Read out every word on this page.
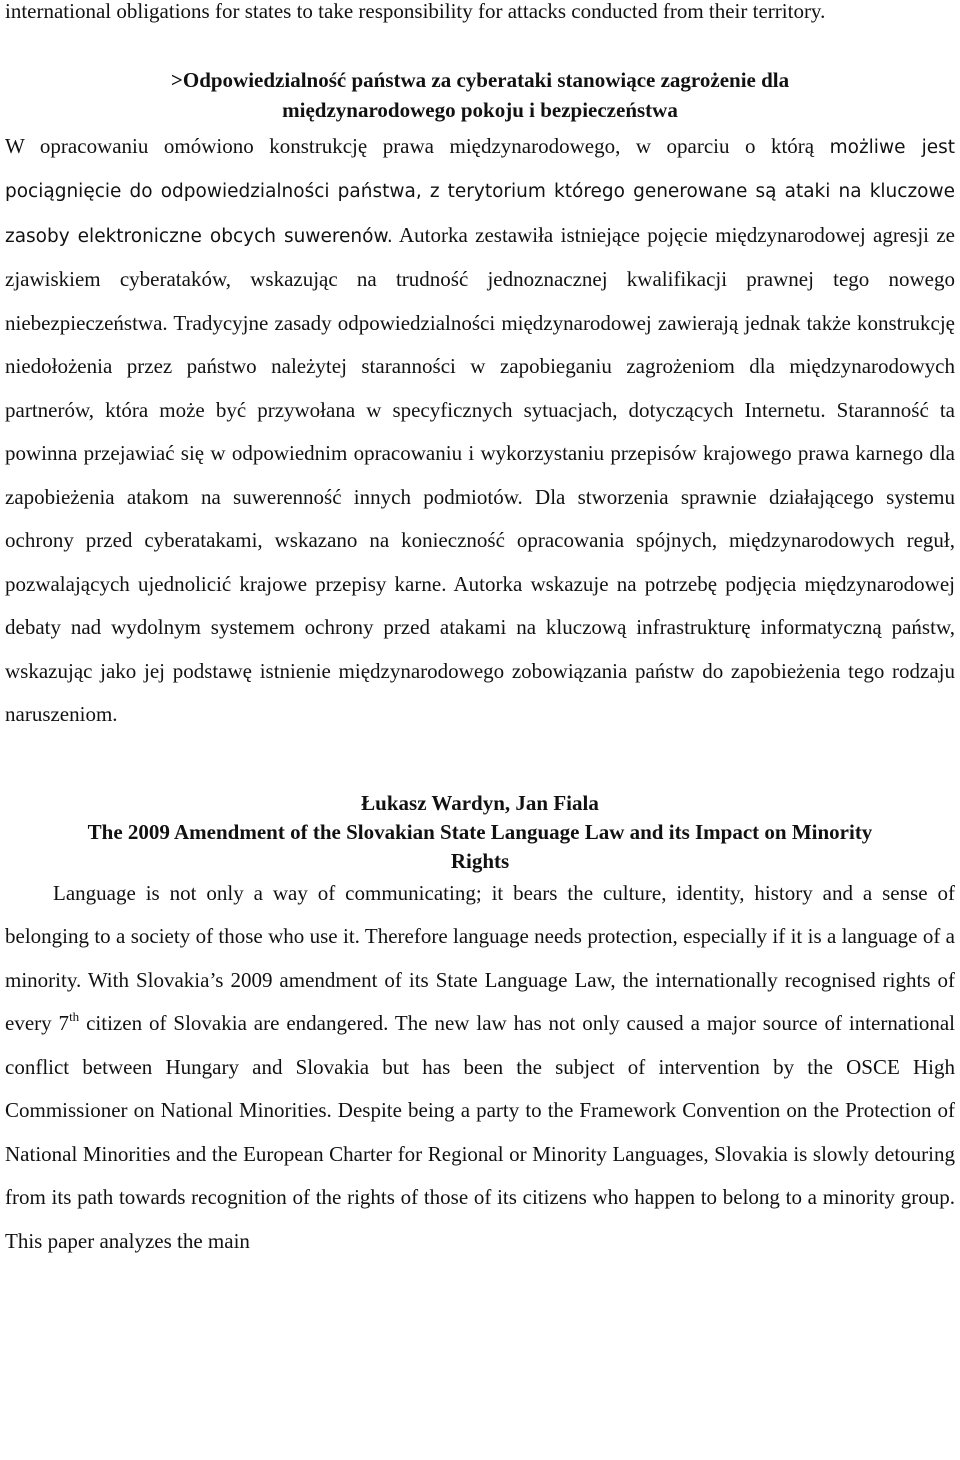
international obligations for states to take responsibility for attacks conducted from their territory.

>Odpowiedzialność państwa za cyberataki stanowiące zagrożenie dla
międzynarodowego pokoju i bezpieczeństwa

W opracowaniu omówiono konstrukcję prawa międzynarodowego, w oparciu o którą możliwe jest pociągnięcie do odpowiedzialności państwa, z terytorium którego generowane są ataki na kluczowe zasoby elektroniczne obcych suwerenów. Autorka zestawiła istniejące pojęcie międzynarodowej agresji ze zjawiskiem cyberataków, wskazując na trudność jednoznacznej kwalifikacji prawnej tego nowego niebezpieczeństwa. Tradycyjne zasady odpowiedzialności międzynarodowej zawierają jednak także konstrukcję niedołożenia przez państwo należytej staranności w zapobieganiu zagrożeniom dla międzynarodowych partnerów, która może być przywołana w specyficznych sytuacjach, dotyczących Internetu. Staranność ta powinna przejawiać się w odpowiednim opracowaniu i wykorzystaniu przepisów krajowego prawa karnego dla zapobieżenia atakom na suwerenność innych podmiotów. Dla stworzenia sprawnie działającego systemu ochrony przed cyberatakami, wskazano na konieczność opracowania spójnych, międzynarodowych reguł, pozwalających ujednolicić krajowe przepisy karne. Autorka wskazuje na potrzebę podjęcia międzynarodowej debaty nad wydolnym systemem ochrony przed atakami na kluczową infrastrukturę informatyczną państw, wskazując jako jej podstawę istnienie międzynarodowego zobowiązania państw do zapobieżenia tego rodzaju naruszeniom.

Łukasz Wardyn, Jan Fiala
The 2009 Amendment of the Slovakian State Language Law and its Impact on Minority
Rights

Language is not only a way of communicating; it bears the culture, identity, history and a sense of belonging to a society of those who use it. Therefore language needs protection, especially if it is a language of a minority. With Slovakia’s 2009 amendment of its State Language Law, the internationally recognised rights of every 7th citizen of Slovakia are endangered. The new law has not only caused a major source of international conflict between Hungary and Slovakia but has been the subject of intervention by the OSCE High Commissioner on National Minorities. Despite being a party to the Framework Convention on the Protection of National Minorities and the European Charter for Regional or Minority Languages, Slovakia is slowly detouring from its path towards recognition of the rights of those of its citizens who happen to belong to a minority group. This paper analyzes the main
